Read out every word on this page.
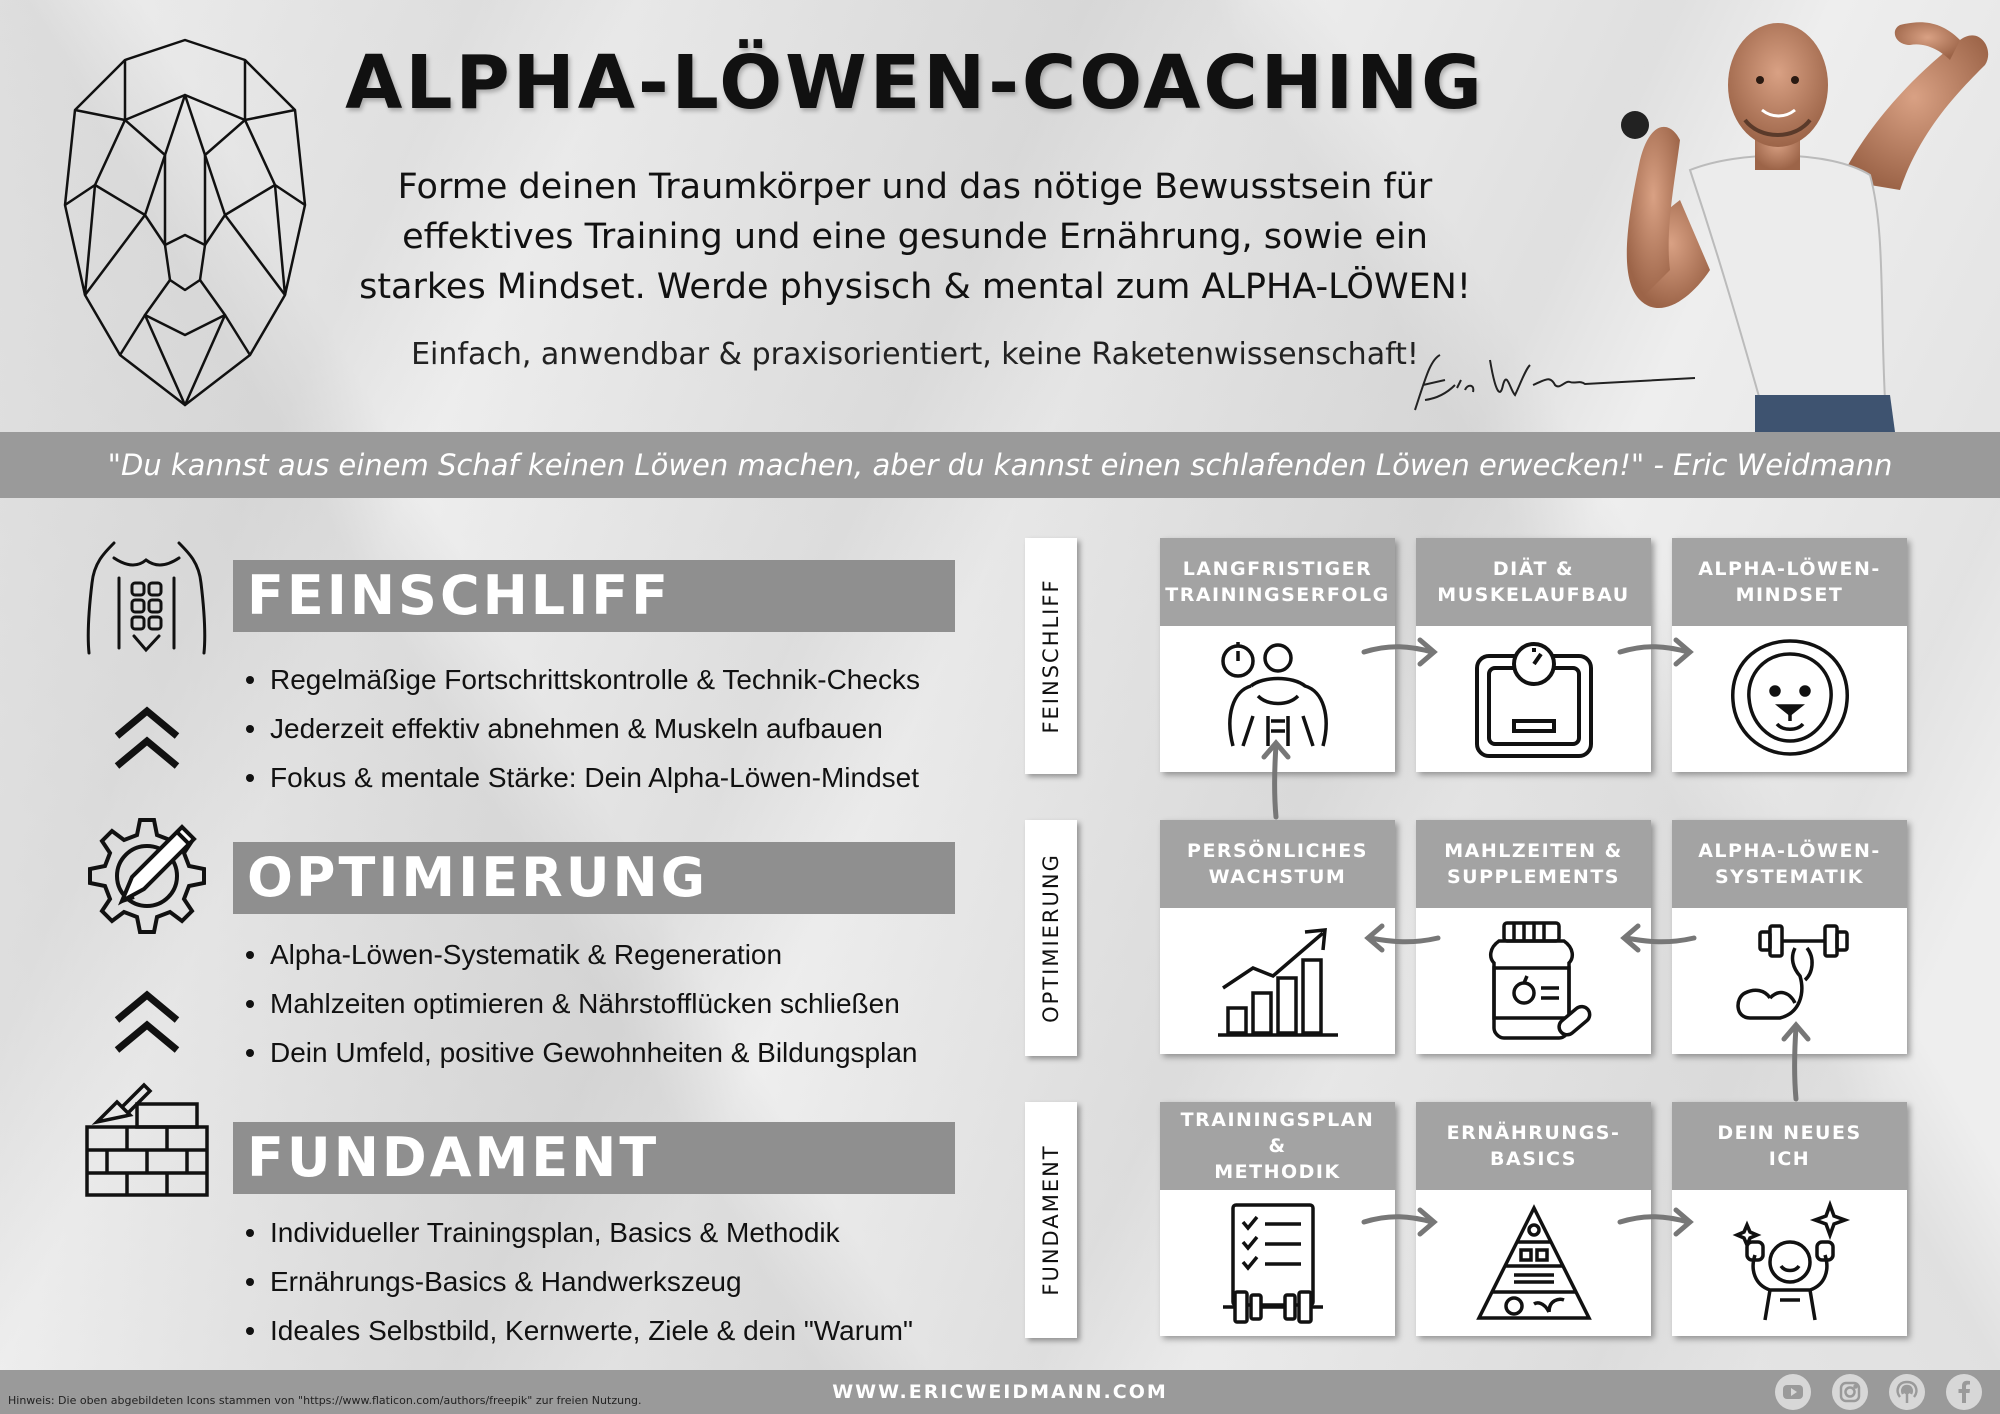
ALPHA-LÖWEN-COACHING
Forme deinen Traumkörper und das nötige Bewusstsein für effektives Training und eine gesunde Ernährung, sowie ein starkes Mindset. Werde physisch & mental zum ALPHA-LÖWEN!
Einfach, anwendbar & praxisorientiert, keine Raketenwissenschaft!
"Du kannst aus einem Schaf keinen Löwen machen, aber du kannst einen schlafenden Löwen erwecken!" - Eric Weidmann
FEINSCHLIFF
Regelmäßige Fortschrittskontrolle & Technik-Checks
Jederzeit effektiv abnehmen & Muskeln aufbauen
Fokus & mentale Stärke: Dein Alpha-Löwen-Mindset
OPTIMIERUNG
Alpha-Löwen-Systematik & Regeneration
Mahlzeiten optimieren & Nährstofflücken schließen
Dein Umfeld, positive Gewohnheiten & Bildungsplan
FUNDAMENT
Individueller Trainingsplan, Basics & Methodik
Ernährungs-Basics & Handwerkszeug
Ideales Selbstbild, Kernwerte, Ziele & dein "Warum"
FEINSCHLIFF
OPTIMIERUNG
FUNDAMENT
LANGFRISTIGER
TRAININGSERFOLG
DIÄT &
MUSKELAUFBAU
ALPHA-LÖWEN-
MINDSET
PERSÖNLICHES
WACHSTUM
MAHLZEITEN &
SUPPLEMENTS
ALPHA-LÖWEN-
SYSTEMATIK
TRAININGSPLAN &
METHODIK
ERNÄHRUNGS-
BASICS
DEIN NEUES
ICH
Hinweis: Die oben abgebildeten Icons stammen von "https://www.flaticon.com/authors/freepik" zur freien Nutzung.	WWW.ERICWEIDMANN.COM
